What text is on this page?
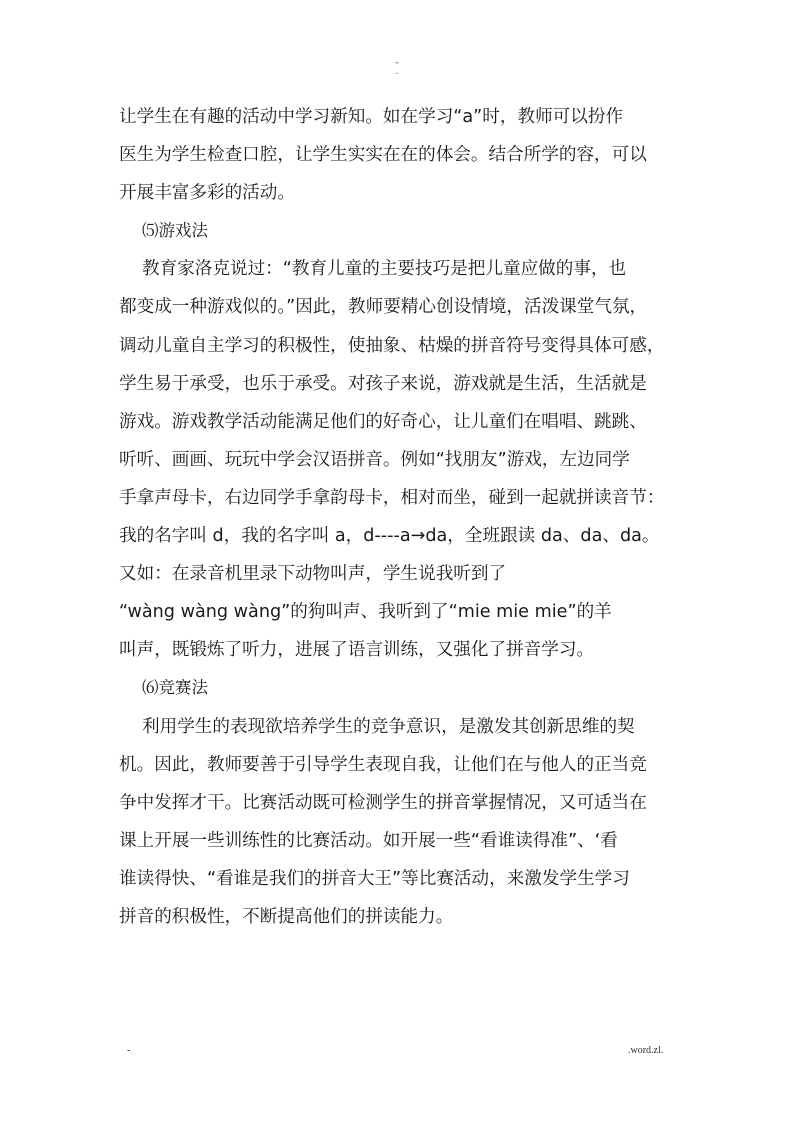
-
.
让学生在有趣的活动中学习新知。如在学习“a”时，教师可以扮作
医生为学生检查口腔，让学生实实在在的体会。结合所学的容，可以
开展丰富多彩的活动。
⑸游戏法
教育家洛克说过：“教育儿童的主要技巧是把儿童应做的事，也
都变成一种游戏似的。”因此，教师要精心创设情境，活泼课堂气氛，
调动儿童自主学习的积极性，使抽象、枯燥的拼音符号变得具体可感，
学生易于承受，也乐于承受。对孩子来说，游戏就是生活，生活就是
游戏。游戏教学活动能满足他们的好奇心，让儿童们在唱唱、跳跳、
听听、画画、玩玩中学会汉语拼音。例如“找朋友”游戏，左边同学
手拿声母卡，右边同学手拿韵母卡，相对而坐，碰到一起就拼读音节：
我的名字叫 d，我的名字叫 a，d----a→da，全班跟读 da、da、da。
又如：在录音机里录下动物叫声，学生说我听到了
“wàng wàng wàng”的狗叫声、我听到了“mie mie mie”的羊
叫声，既锻炼了听力，进展了语言训练，又强化了拼音学习。
⑹竞赛法
利用学生的表现欲培养学生的竞争意识，是激发其创新思维的契
机。因此，教师要善于引导学生表现自我，让他们在与他人的正当竞
争中发挥才干。比赛活动既可检测学生的拼音掌握情况，又可适当在
课上开展一些训练性的比赛活动。如开展一些“看谁读得准”、‘看
谁读得快、“看谁是我们的拼音大王”等比赛活动，来激发学生学习
拼音的积极性，不断提高他们的拼读能力。
-	.word.zl.
